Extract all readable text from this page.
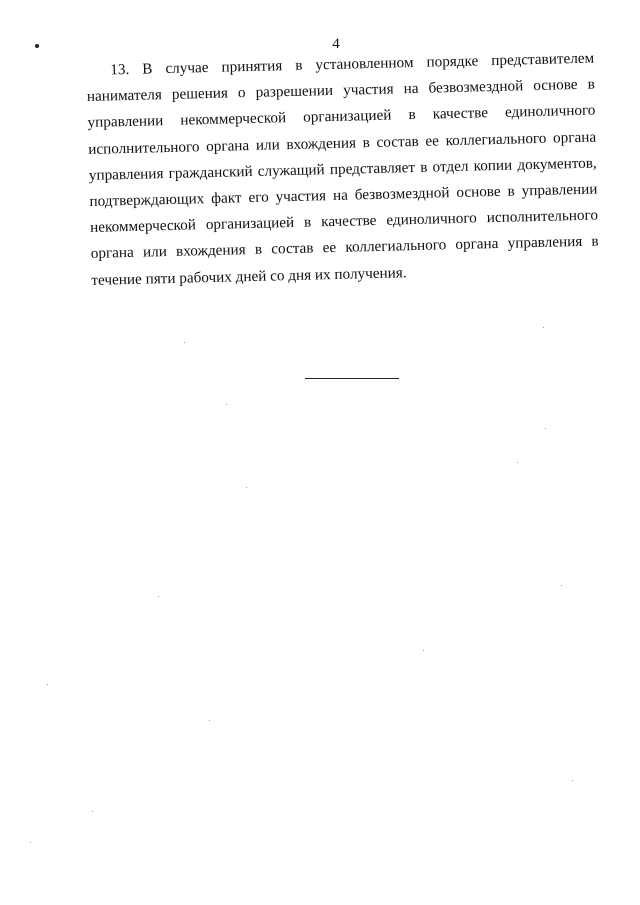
4
13. В случае принятия в установленном порядке представителем
нанимателя решения о разрешении участия на безвозмездной основе в
управлении некоммерческой организацией в качестве единоличного
исполнительного органа или вхождения в состав ее коллегиального органа
управления гражданский служащий представляет в отдел копии документов,
подтверждающих факт его участия на безвозмездной основе в управлении
некоммерческой организацией в качестве единоличного исполнительного
органа или вхождения в состав ее коллегиального органа управления в
течение пяти рабочих дней со дня их получения.
